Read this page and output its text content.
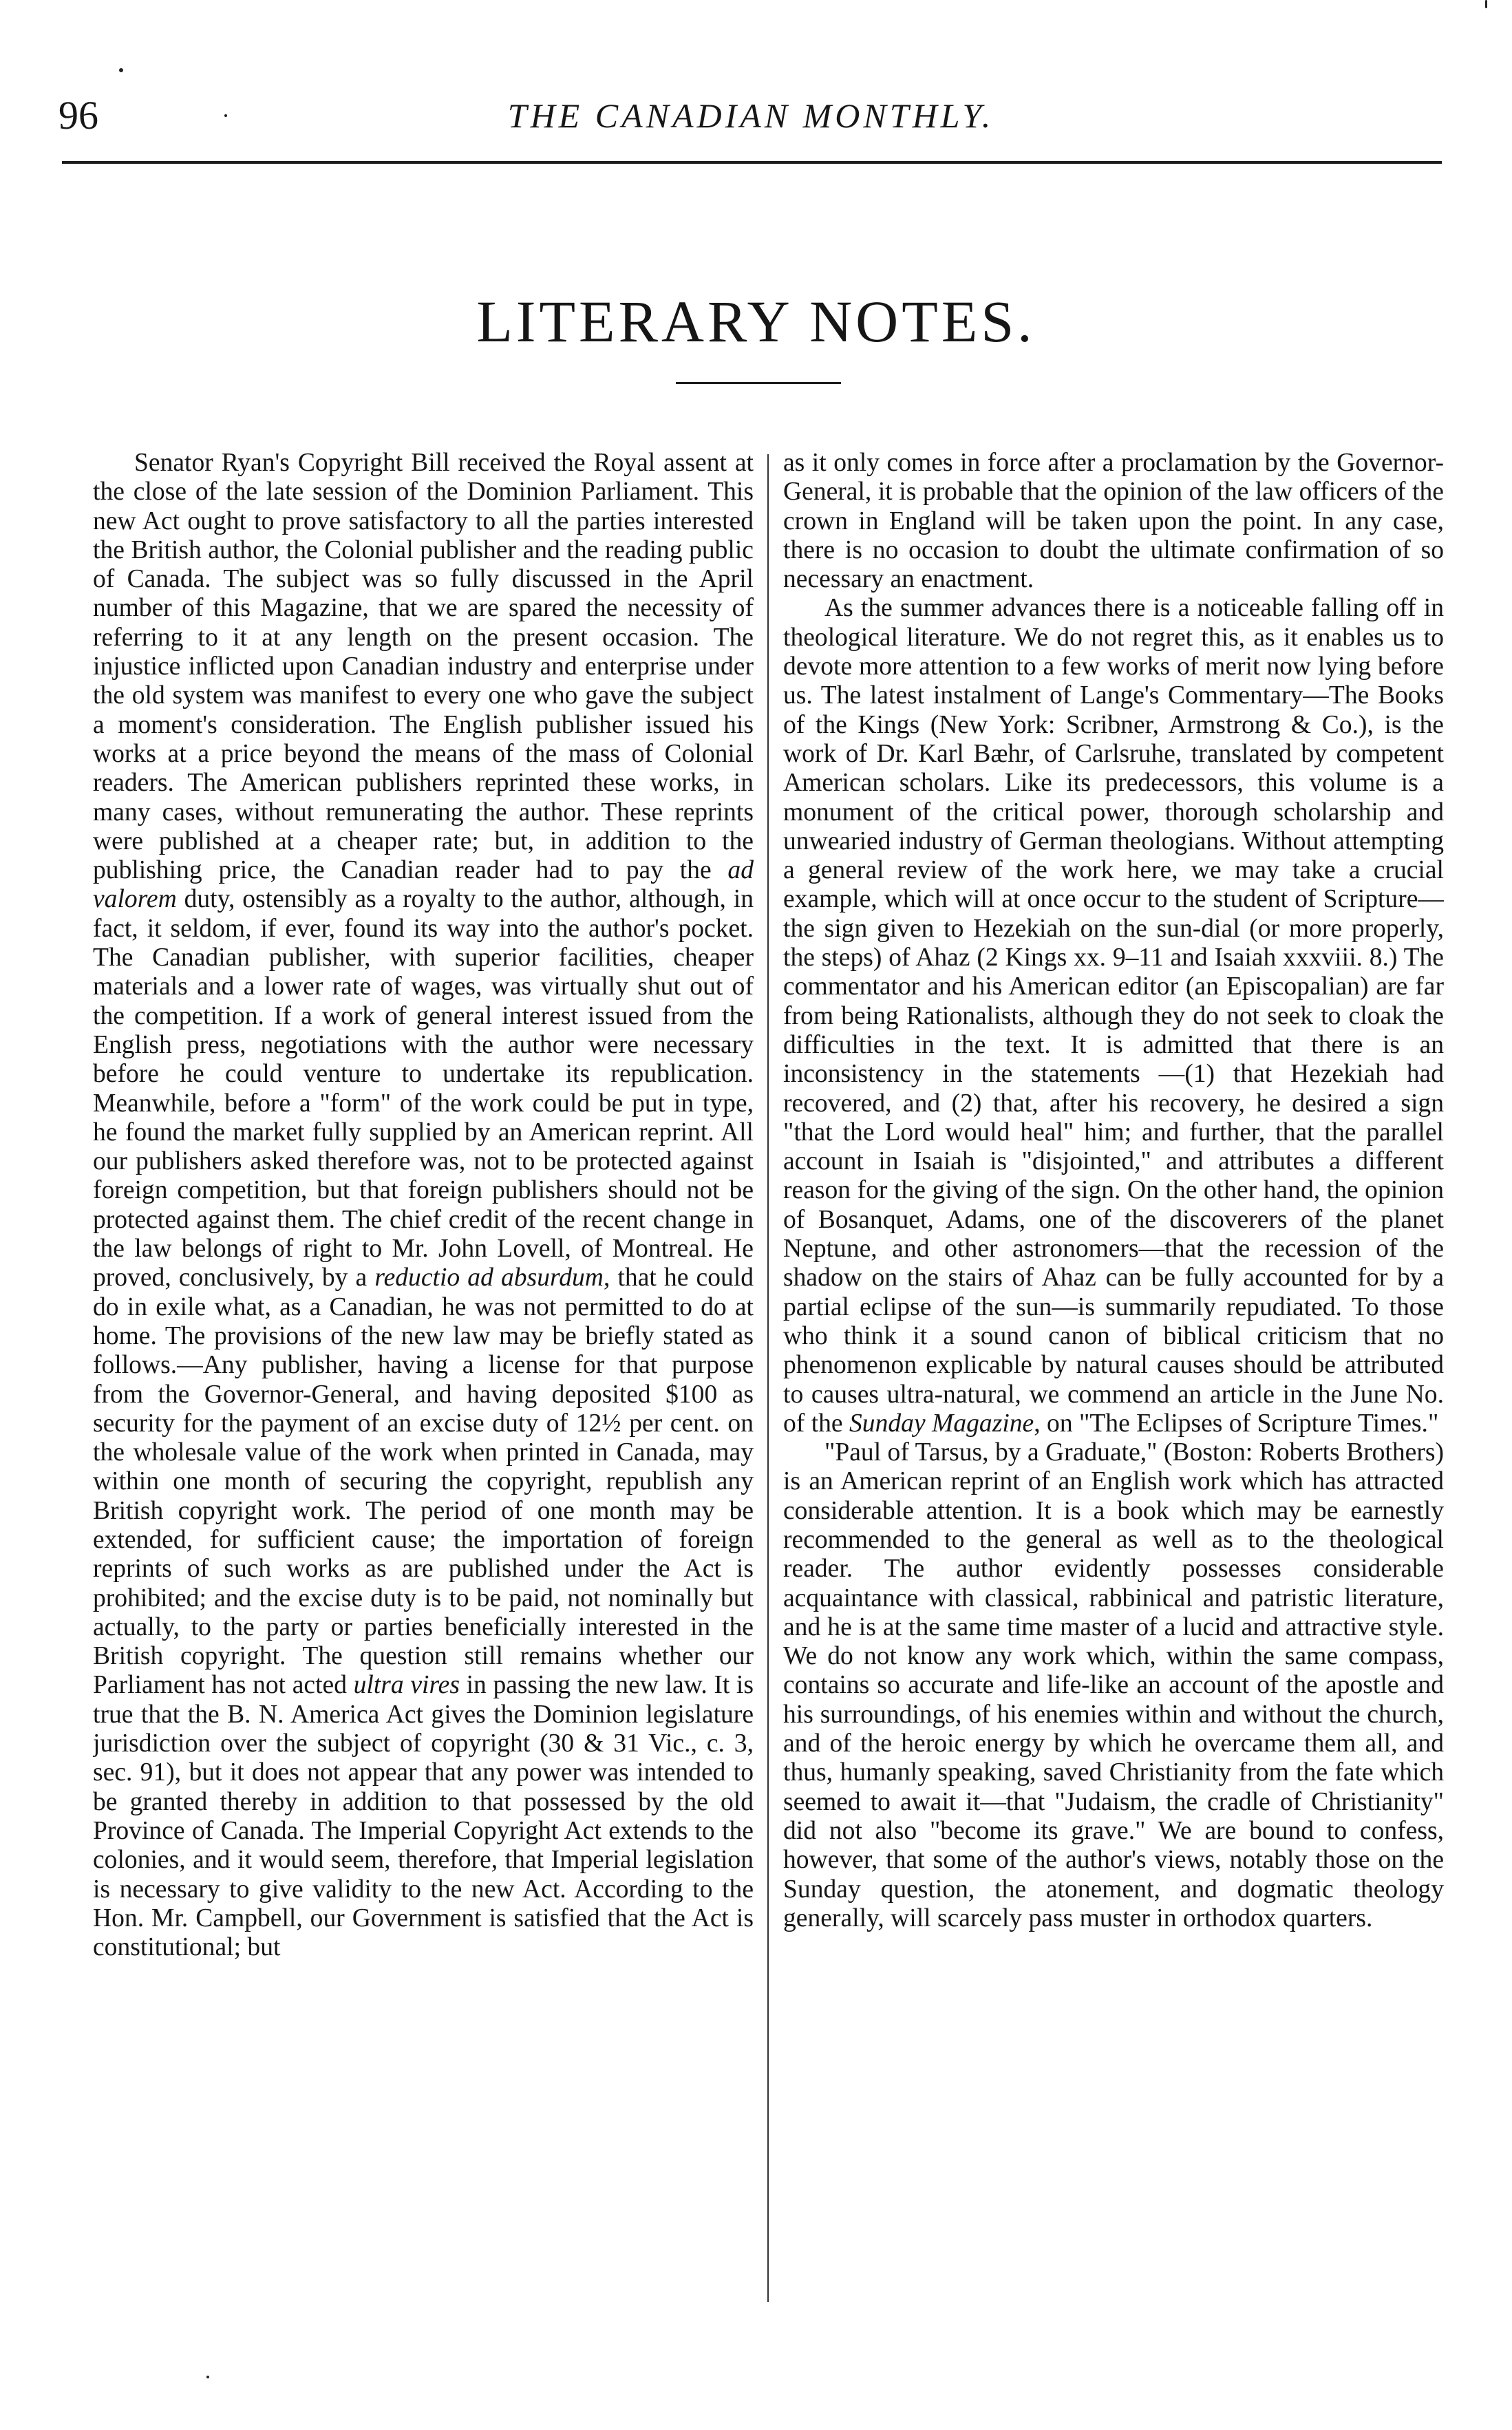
96	THE CANADIAN MONTHLY.
LITERARY NOTES.

Senator Ryan's Copyright Bill received the Royal assent at the close of the late session of the Dominion Parliament. This new Act ought to prove satisfactory to all the parties interested the British author, the Colonial publisher and the reading public of Canada. The subject was so fully discussed in the April number of this Magazine, that we are spared the necessity of referring to it at any length on the present occasion. The injustice inflicted upon Canadian industry and enterprise under the old system was manifest to every one who gave the subject a moment's consideration. The English publisher issued his works at a price beyond the means of the mass of Colonial readers. The American publishers reprinted these works, in many cases, without remunerating the author. These reprints were published at a cheaper rate; but, in addition to the publishing price, the Canadian reader had to pay the ad valorem duty, ostensibly as a royalty to the author, although, in fact, it seldom, if ever, found its way into the author's pocket. The Canadian publisher, with superior facilities, cheaper materials and a lower rate of wages, was virtually shut out of the competition. If a work of general interest issued from the English press, negotiations with the author were necessary before he could venture to undertake its republication. Meanwhile, before a "form" of the work could be put in type, he found the market fully supplied by an American reprint. All our publishers asked therefore was, not to be protected against foreign competition, but that foreign publishers should not be protected against them. The chief credit of the recent change in the law belongs of right to Mr. John Lovell, of Montreal. He proved, conclusively, by a reductio ad absurdum, that he could do in exile what, as a Canadian, he was not permitted to do at home. The provisions of the new law may be briefly stated as follows.—Any publisher, having a license for that purpose from the Governor-General, and having deposited $100 as security for the payment of an excise duty of 12½ per cent. on the wholesale value of the work when printed in Canada, may within one month of securing the copyright, republish any British copyright work. The period of one month may be extended, for sufficient cause; the importation of foreign reprints of such works as are published under the Act is prohibited; and the excise duty is to be paid, not nominally but actually, to the party or parties beneficially interested in the British copyright. The question still remains whether our Parliament has not acted ultra vires in passing the new law. It is true that the B. N. America Act gives the Dominion legislature jurisdiction over the subject of copyright (30 & 31 Vic., c. 3, sec. 91), but it does not appear that any power was intended to be granted thereby in addition to that possessed by the old Province of Canada. The Imperial Copyright Act extends to the colonies, and it would seem, therefore, that Imperial legislation is necessary to give validity to the new Act. According to the Hon. Mr. Campbell, our Government is satisfied that the Act is constitutional; but

as it only comes in force after a proclamation by the Governor-General, it is probable that the opinion of the law officers of the crown in England will be taken upon the point. In any case, there is no occasion to doubt the ultimate confirmation of so necessary an enactment.

As the summer advances there is a noticeable falling off in theological literature. We do not regret this, as it enables us to devote more attention to a few works of merit now lying before us. The latest instalment of Lange's Commentary—The Books of the Kings (New York: Scribner, Armstrong & Co.), is the work of Dr. Karl Bæhr, of Carlsruhe, translated by competent American scholars. Like its predecessors, this volume is a monument of the critical power, thorough scholarship and unwearied industry of German theologians. Without attempting a general review of the work here, we may take a crucial example, which will at once occur to the student of Scripture—the sign given to Hezekiah on the sun-dial (or more properly, the steps) of Ahaz (2 Kings xx. 9–11 and Isaiah xxxviii. 8.) The commentator and his American editor (an Episcopalian) are far from being Rationalists, although they do not seek to cloak the difficulties in the text. It is admitted that there is an inconsistency in the statements —(1) that Hezekiah had recovered, and (2) that, after his recovery, he desired a sign "that the Lord would heal" him; and further, that the parallel account in Isaiah is "disjointed," and attributes a different reason for the giving of the sign. On the other hand, the opinion of Bosanquet, Adams, one of the discoverers of the planet Neptune, and other astronomers—that the recession of the shadow on the stairs of Ahaz can be fully accounted for by a partial eclipse of the sun—is summarily repudiated. To those who think it a sound canon of biblical criticism that no phenomenon explicable by natural causes should be attributed to causes ultra-natural, we commend an article in the June No. of the Sunday Magazine, on "The Eclipses of Scripture Times."

"Paul of Tarsus, by a Graduate," (Boston: Roberts Brothers) is an American reprint of an English work which has attracted considerable attention. It is a book which may be earnestly recommended to the general as well as to the theological reader. The author evidently possesses considerable acquaintance with classical, rabbinical and patristic literature, and he is at the same time master of a lucid and attractive style. We do not know any work which, within the same compass, contains so accurate and life-like an account of the apostle and his surroundings, of his enemies within and without the church, and of the heroic energy by which he overcame them all, and thus, humanly speaking, saved Christianity from the fate which seemed to await it—that "Judaism, the cradle of Christianity" did not also "become its grave." We are bound to confess, however, that some of the author's views, notably those on the Sunday question, the atonement, and dogmatic theology generally, will scarcely pass muster in orthodox quarters.
